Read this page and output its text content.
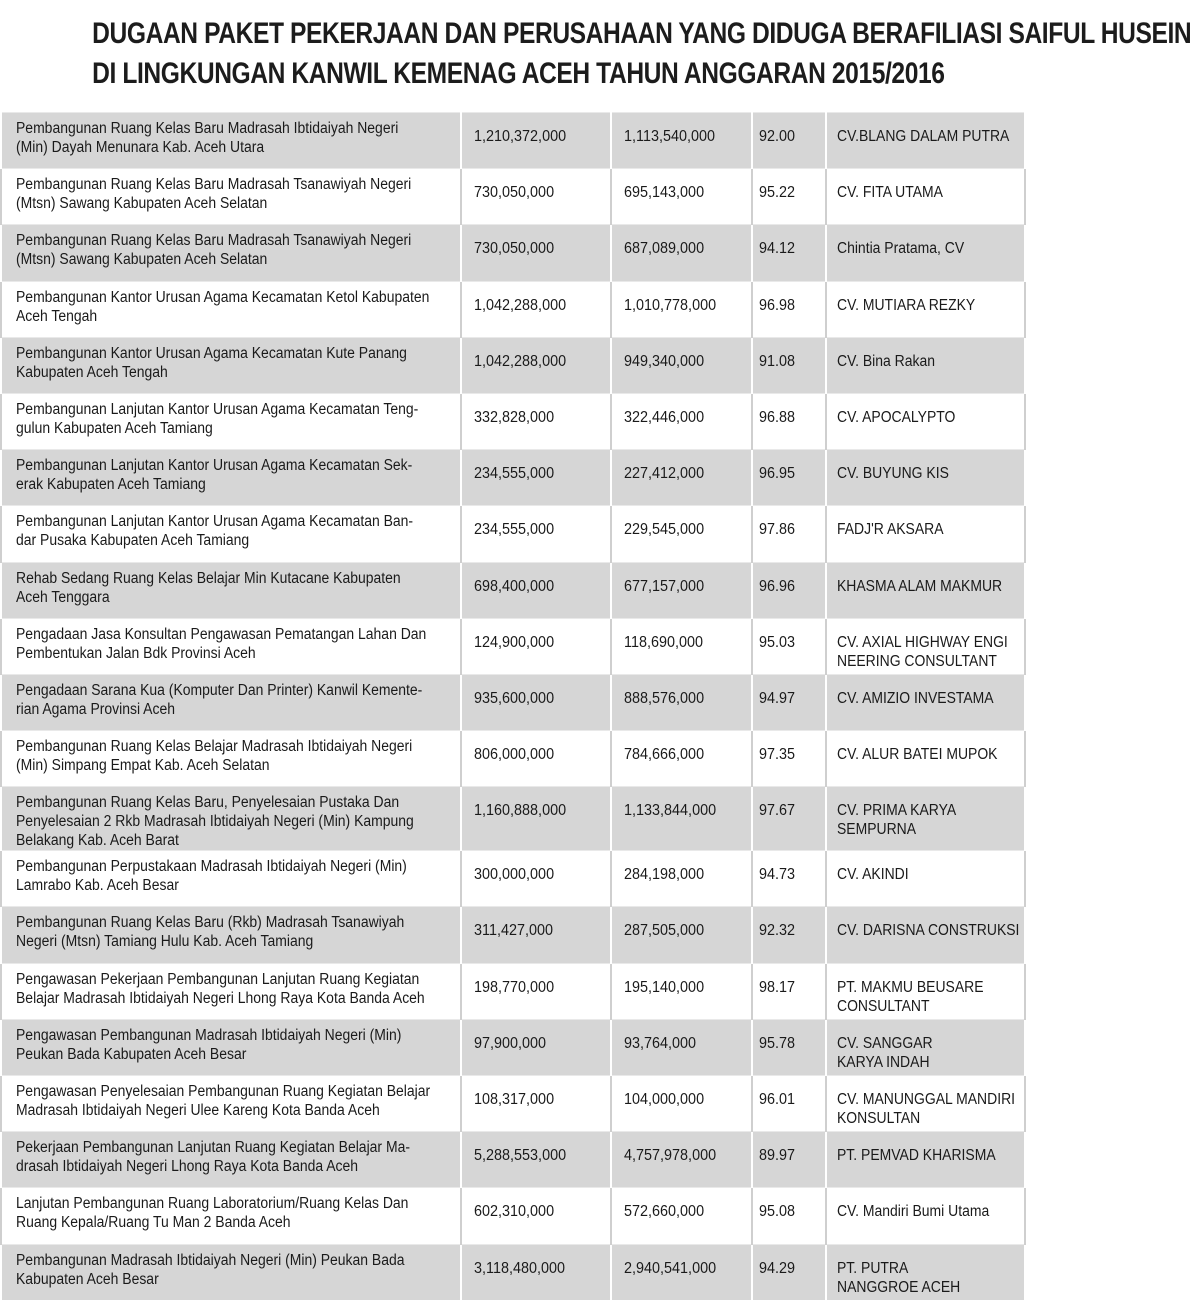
DUGAAN PAKET PEKERJAAN DAN PERUSAHAAN YANG DIDUGA BERAFILIASI SAIFUL HUSEIN
DI LINGKUNGAN KANWIL KEMENAG ACEH TAHUN ANGGARAN 2015/2016
Pembangunan Ruang Kelas Baru Madrasah Ibtidaiyah Negeri
(Min) Dayah Menunara Kab. Aceh Utara	1,210,372,000	1,113,540,000	92.00	CV.BLANG DALAM PUTRA

Pembangunan Ruang Kelas Baru Madrasah Tsanawiyah Negeri
(Mtsn) Sawang Kabupaten Aceh Selatan	730,050,000	695,143,000	95.22	CV. FITA UTAMA

Pembangunan Ruang Kelas Baru Madrasah Tsanawiyah Negeri
(Mtsn) Sawang Kabupaten Aceh Selatan	730,050,000	687,089,000	94.12	Chintia Pratama, CV

Pembangunan Kantor Urusan Agama Kecamatan Ketol Kabupaten
Aceh Tengah	1,042,288,000	1,010,778,000	96.98	CV. MUTIARA REZKY

Pembangunan Kantor Urusan Agama Kecamatan Kute Panang
Kabupaten Aceh Tengah	1,042,288,000	949,340,000	91.08	CV. Bina Rakan

Pembangunan Lanjutan Kantor Urusan Agama Kecamatan Teng-
gulun Kabupaten Aceh Tamiang	332,828,000	322,446,000	96.88	CV. APOCALYPTO

Pembangunan Lanjutan Kantor Urusan Agama Kecamatan Sek-
erak Kabupaten Aceh Tamiang	234,555,000	227,412,000	96.95	CV. BUYUNG KIS

Pembangunan Lanjutan Kantor Urusan Agama Kecamatan Ban-
dar Pusaka Kabupaten Aceh Tamiang	234,555,000	229,545,000	97.86	FADJ'R AKSARA

Rehab Sedang Ruang Kelas Belajar Min Kutacane Kabupaten
Aceh Tenggara	698,400,000	677,157,000	96.96	KHASMA ALAM MAKMUR

Pengadaan Jasa Konsultan Pengawasan Pematangan Lahan Dan
Pembentukan Jalan Bdk Provinsi Aceh	124,900,000	118,690,000	95.03	CV. AXIAL HIGHWAY ENGI
NEERING CONSULTANT

Pengadaan Sarana Kua (Komputer Dan Printer) Kanwil Kemente-
rian Agama Provinsi Aceh	935,600,000	888,576,000	94.97	CV. AMIZIO INVESTAMA

Pembangunan Ruang Kelas Belajar Madrasah Ibtidaiyah Negeri
(Min) Simpang Empat Kab. Aceh Selatan	806,000,000	784,666,000	97.35	CV. ALUR BATEI MUPOK

Pembangunan Ruang Kelas Baru, Penyelesaian Pustaka Dan
Penyelesaian 2 Rkb Madrasah Ibtidaiyah Negeri (Min) Kampung
Belakang Kab. Aceh Barat	1,160,888,000	1,133,844,000	97.67	CV. PRIMA KARYA
SEMPURNA

Pembangunan Perpustakaan Madrasah Ibtidaiyah Negeri (Min)
Lamrabo Kab. Aceh Besar	300,000,000	284,198,000	94.73	CV. AKINDI

Pembangunan Ruang Kelas Baru (Rkb) Madrasah Tsanawiyah
Negeri (Mtsn) Tamiang Hulu Kab. Aceh Tamiang	311,427,000	287,505,000	92.32	CV. DARISNA CONSTRUKSI

Pengawasan Pekerjaan Pembangunan Lanjutan Ruang Kegiatan
Belajar Madrasah Ibtidaiyah Negeri Lhong Raya Kota Banda Aceh	198,770,000	195,140,000	98.17	PT. MAKMU BEUSARE
CONSULTANT

Pengawasan Pembangunan Madrasah Ibtidaiyah Negeri (Min)
Peukan Bada Kabupaten Aceh Besar	97,900,000	93,764,000	95.78	CV. SANGGAR
KARYA INDAH

Pengawasan Penyelesaian Pembangunan Ruang Kegiatan Belajar
Madrasah Ibtidaiyah Negeri Ulee Kareng Kota Banda Aceh	108,317,000	104,000,000	96.01	CV. MANUNGGAL MANDIRI
KONSULTAN

Pekerjaan Pembangunan Lanjutan Ruang Kegiatan Belajar Ma-
drasah Ibtidaiyah Negeri Lhong Raya Kota Banda Aceh	5,288,553,000	4,757,978,000	89.97	PT. PEMVAD KHARISMA

Lanjutan Pembangunan Ruang Laboratorium/Ruang Kelas Dan
Ruang Kepala/Ruang Tu Man 2 Banda Aceh	602,310,000	572,660,000	95.08	CV. Mandiri Bumi Utama

Pembangunan Madrasah Ibtidaiyah Negeri (Min) Peukan Bada
Kabupaten Aceh Besar	3,118,480,000	2,940,541,000	94.29	PT. PUTRA
NANGGROE ACEH
